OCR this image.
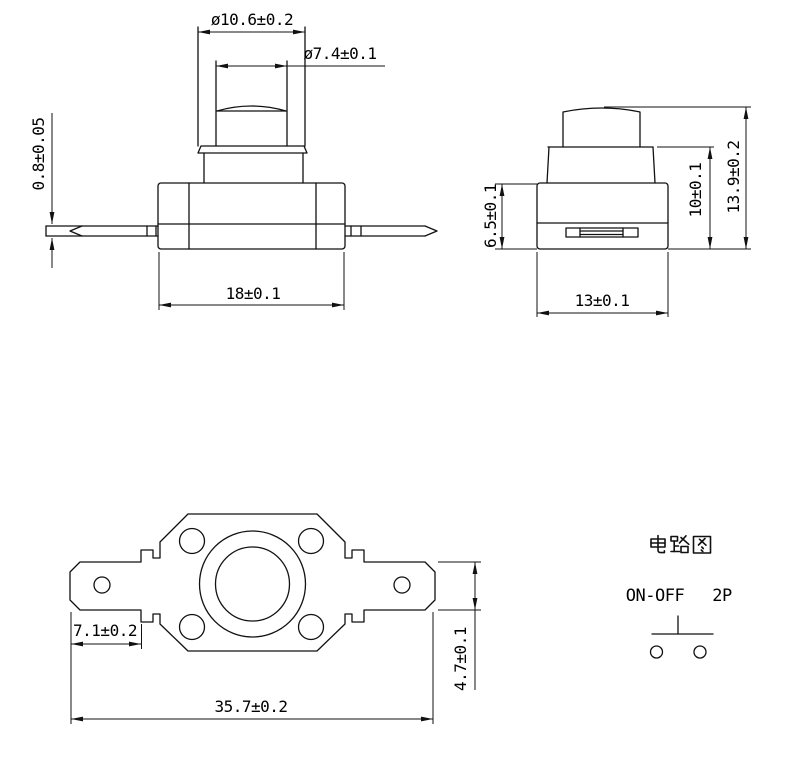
ø10.6±0.2
ø7.4±0.1
0.8±0.05
18±0.1
6.5±0.1	10±0.1 13.9±0.2
13±0.1
7.1±0.2
35.7±0.2
4.7±0.1
ON-OFF 2P
